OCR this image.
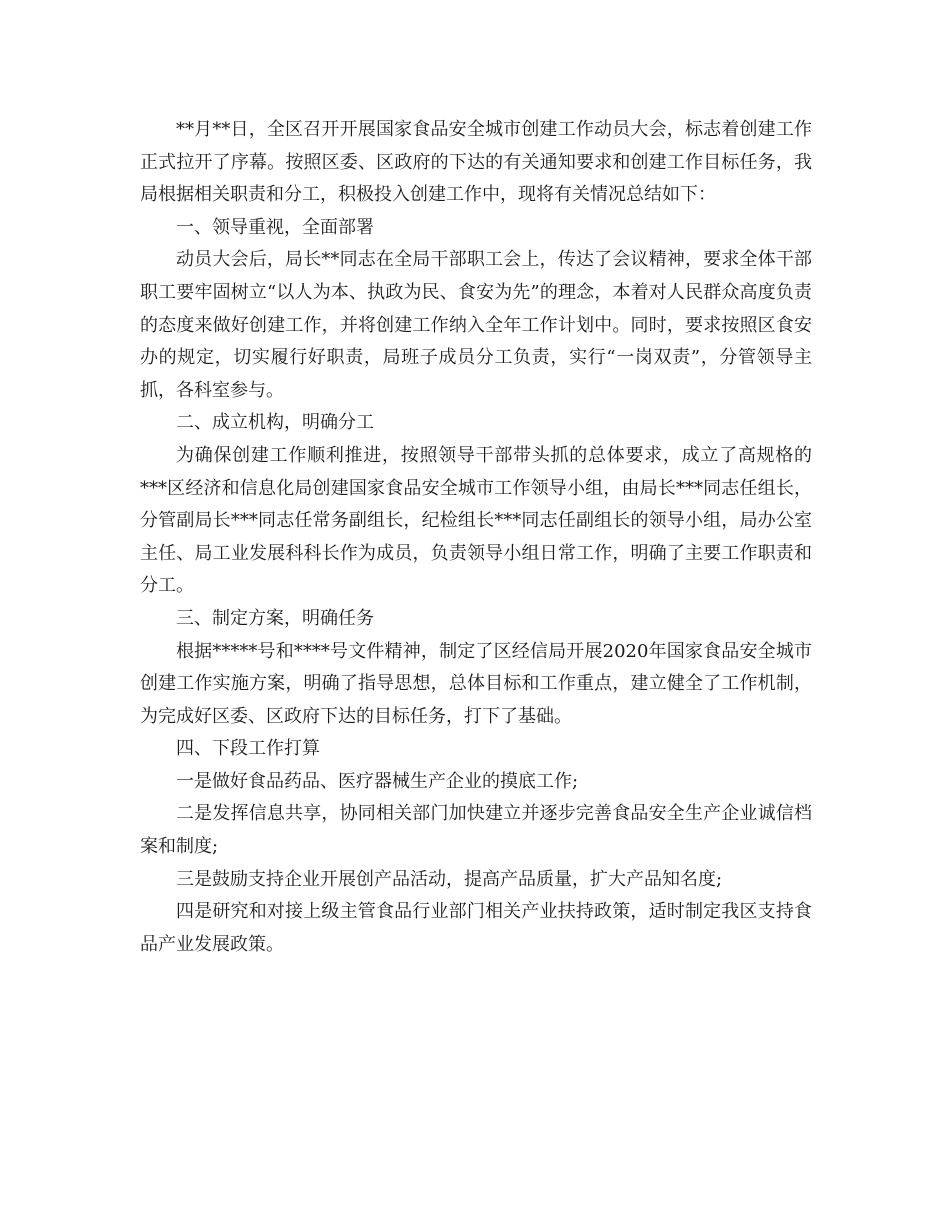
**月**日，全区召开开展国家食品安全城市创建工作动员大会，标志着创建工作正式拉开了序幕。按照区委、区政府的下达的有关通知要求和创建工作目标任务，我局根据相关职责和分工，积极投入创建工作中，现将有关情况总结如下：

一、领导重视，全面部署

动员大会后，局长**同志在全局干部职工会上，传达了会议精神，要求全体干部职工要牢固树立“以人为本、执政为民、食安为先”的理念，本着对人民群众高度负责的态度来做好创建工作，并将创建工作纳入全年工作计划中。同时，要求按照区食安办的规定，切实履行好职责，局班子成员分工负责，实行“一岗双责”，分管领导主抓，各科室参与。

二、成立机构，明确分工

为确保创建工作顺利推进，按照领导干部带头抓的总体要求，成立了高规格的***区经济和信息化局创建国家食品安全城市工作领导小组，由局长***同志任组长，分管副局长***同志任常务副组长，纪检组长***同志任副组长的领导小组，局办公室主任、局工业发展科科长作为成员，负责领导小组日常工作，明确了主要工作职责和分工。

三、制定方案，明确任务

根据*****号和****号文件精神，制定了区经信局开展2020年国家食品安全城市创建工作实施方案，明确了指导思想，总体目标和工作重点，建立健全了工作机制，为完成好区委、区政府下达的目标任务，打下了基础。

四、下段工作打算

一是做好食品药品、医疗器械生产企业的摸底工作;

二是发挥信息共享，协同相关部门加快建立并逐步完善食品安全生产企业诚信档案和制度;

三是鼓励支持企业开展创产品活动，提高产品质量，扩大产品知名度;

四是研究和对接上级主管食品行业部门相关产业扶持政策，适时制定我区支持食品产业发展政策。
